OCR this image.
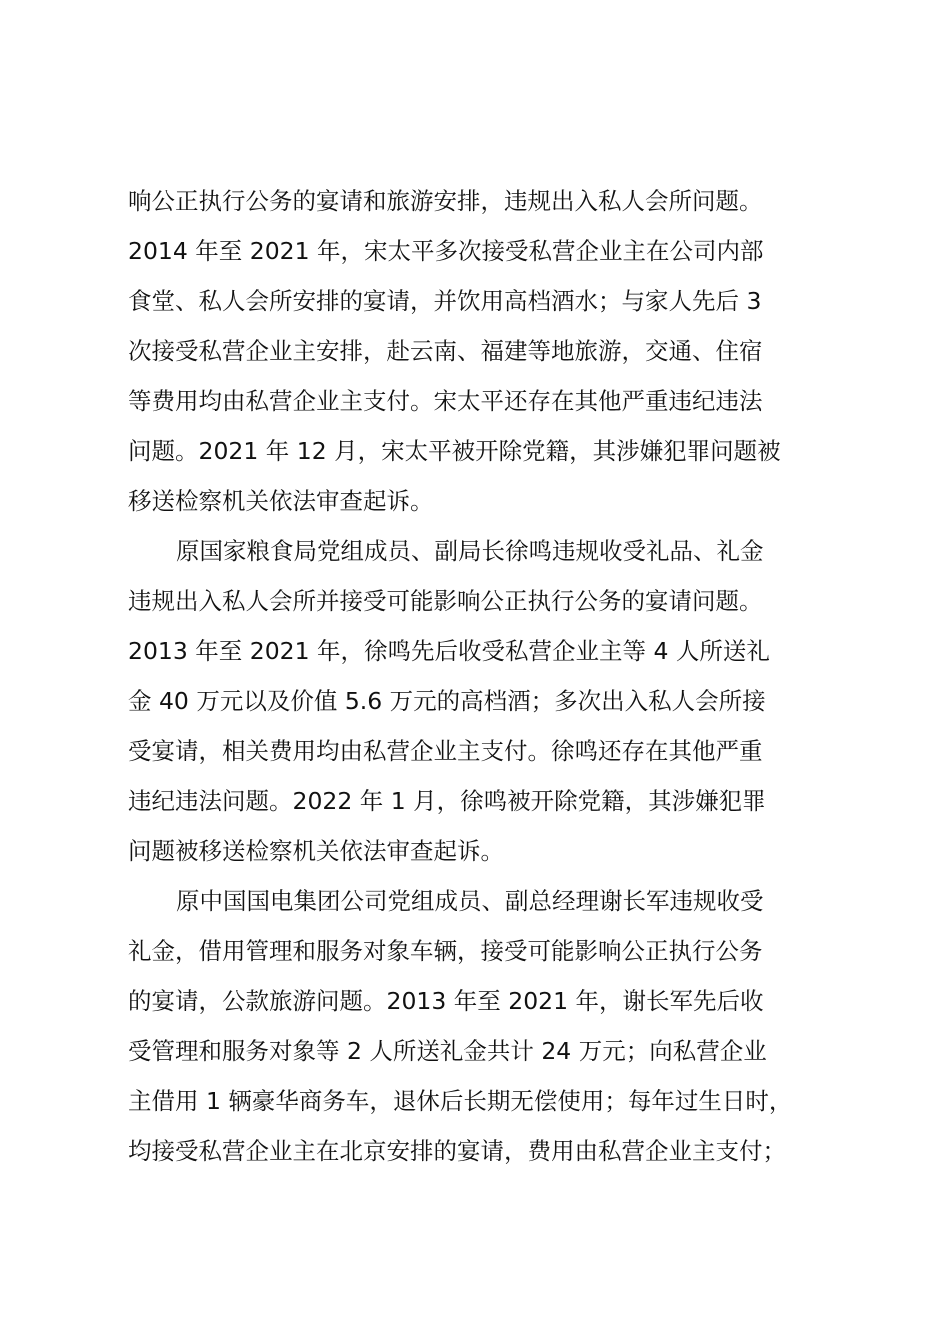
响公正执行公务的宴请和旅游安排，违规出入私人会所问题。
2014 年至 2021 年，宋太平多次接受私营企业主在公司内部
食堂、私人会所安排的宴请，并饮用高档酒水；与家人先后 3
次接受私营企业主安排，赴云南、福建等地旅游，交通、住宿
等费用均由私营企业主支付。宋太平还存在其他严重违纪违法
问题。2021 年 12 月，宋太平被开除党籍，其涉嫌犯罪问题被
移送检察机关依法审查起诉。
原国家粮食局党组成员、副局长徐鸣违规收受礼品、礼金
违规出入私人会所并接受可能影响公正执行公务的宴请问题。
2013 年至 2021 年，徐鸣先后收受私营企业主等 4 人所送礼
金 40 万元以及价值 5.6 万元的高档酒；多次出入私人会所接
受宴请，相关费用均由私营企业主支付。徐鸣还存在其他严重
违纪违法问题。2022 年 1 月，徐鸣被开除党籍，其涉嫌犯罪
问题被移送检察机关依法审查起诉。
原中国国电集团公司党组成员、副总经理谢长军违规收受
礼金，借用管理和服务对象车辆，接受可能影响公正执行公务
的宴请，公款旅游问题。2013 年至 2021 年，谢长军先后收
受管理和服务对象等 2 人所送礼金共计 24 万元；向私营企业
主借用 1 辆豪华商务车，退休后长期无偿使用；每年过生日时，
均接受私营企业主在北京安排的宴请，费用由私营企业主支付；
